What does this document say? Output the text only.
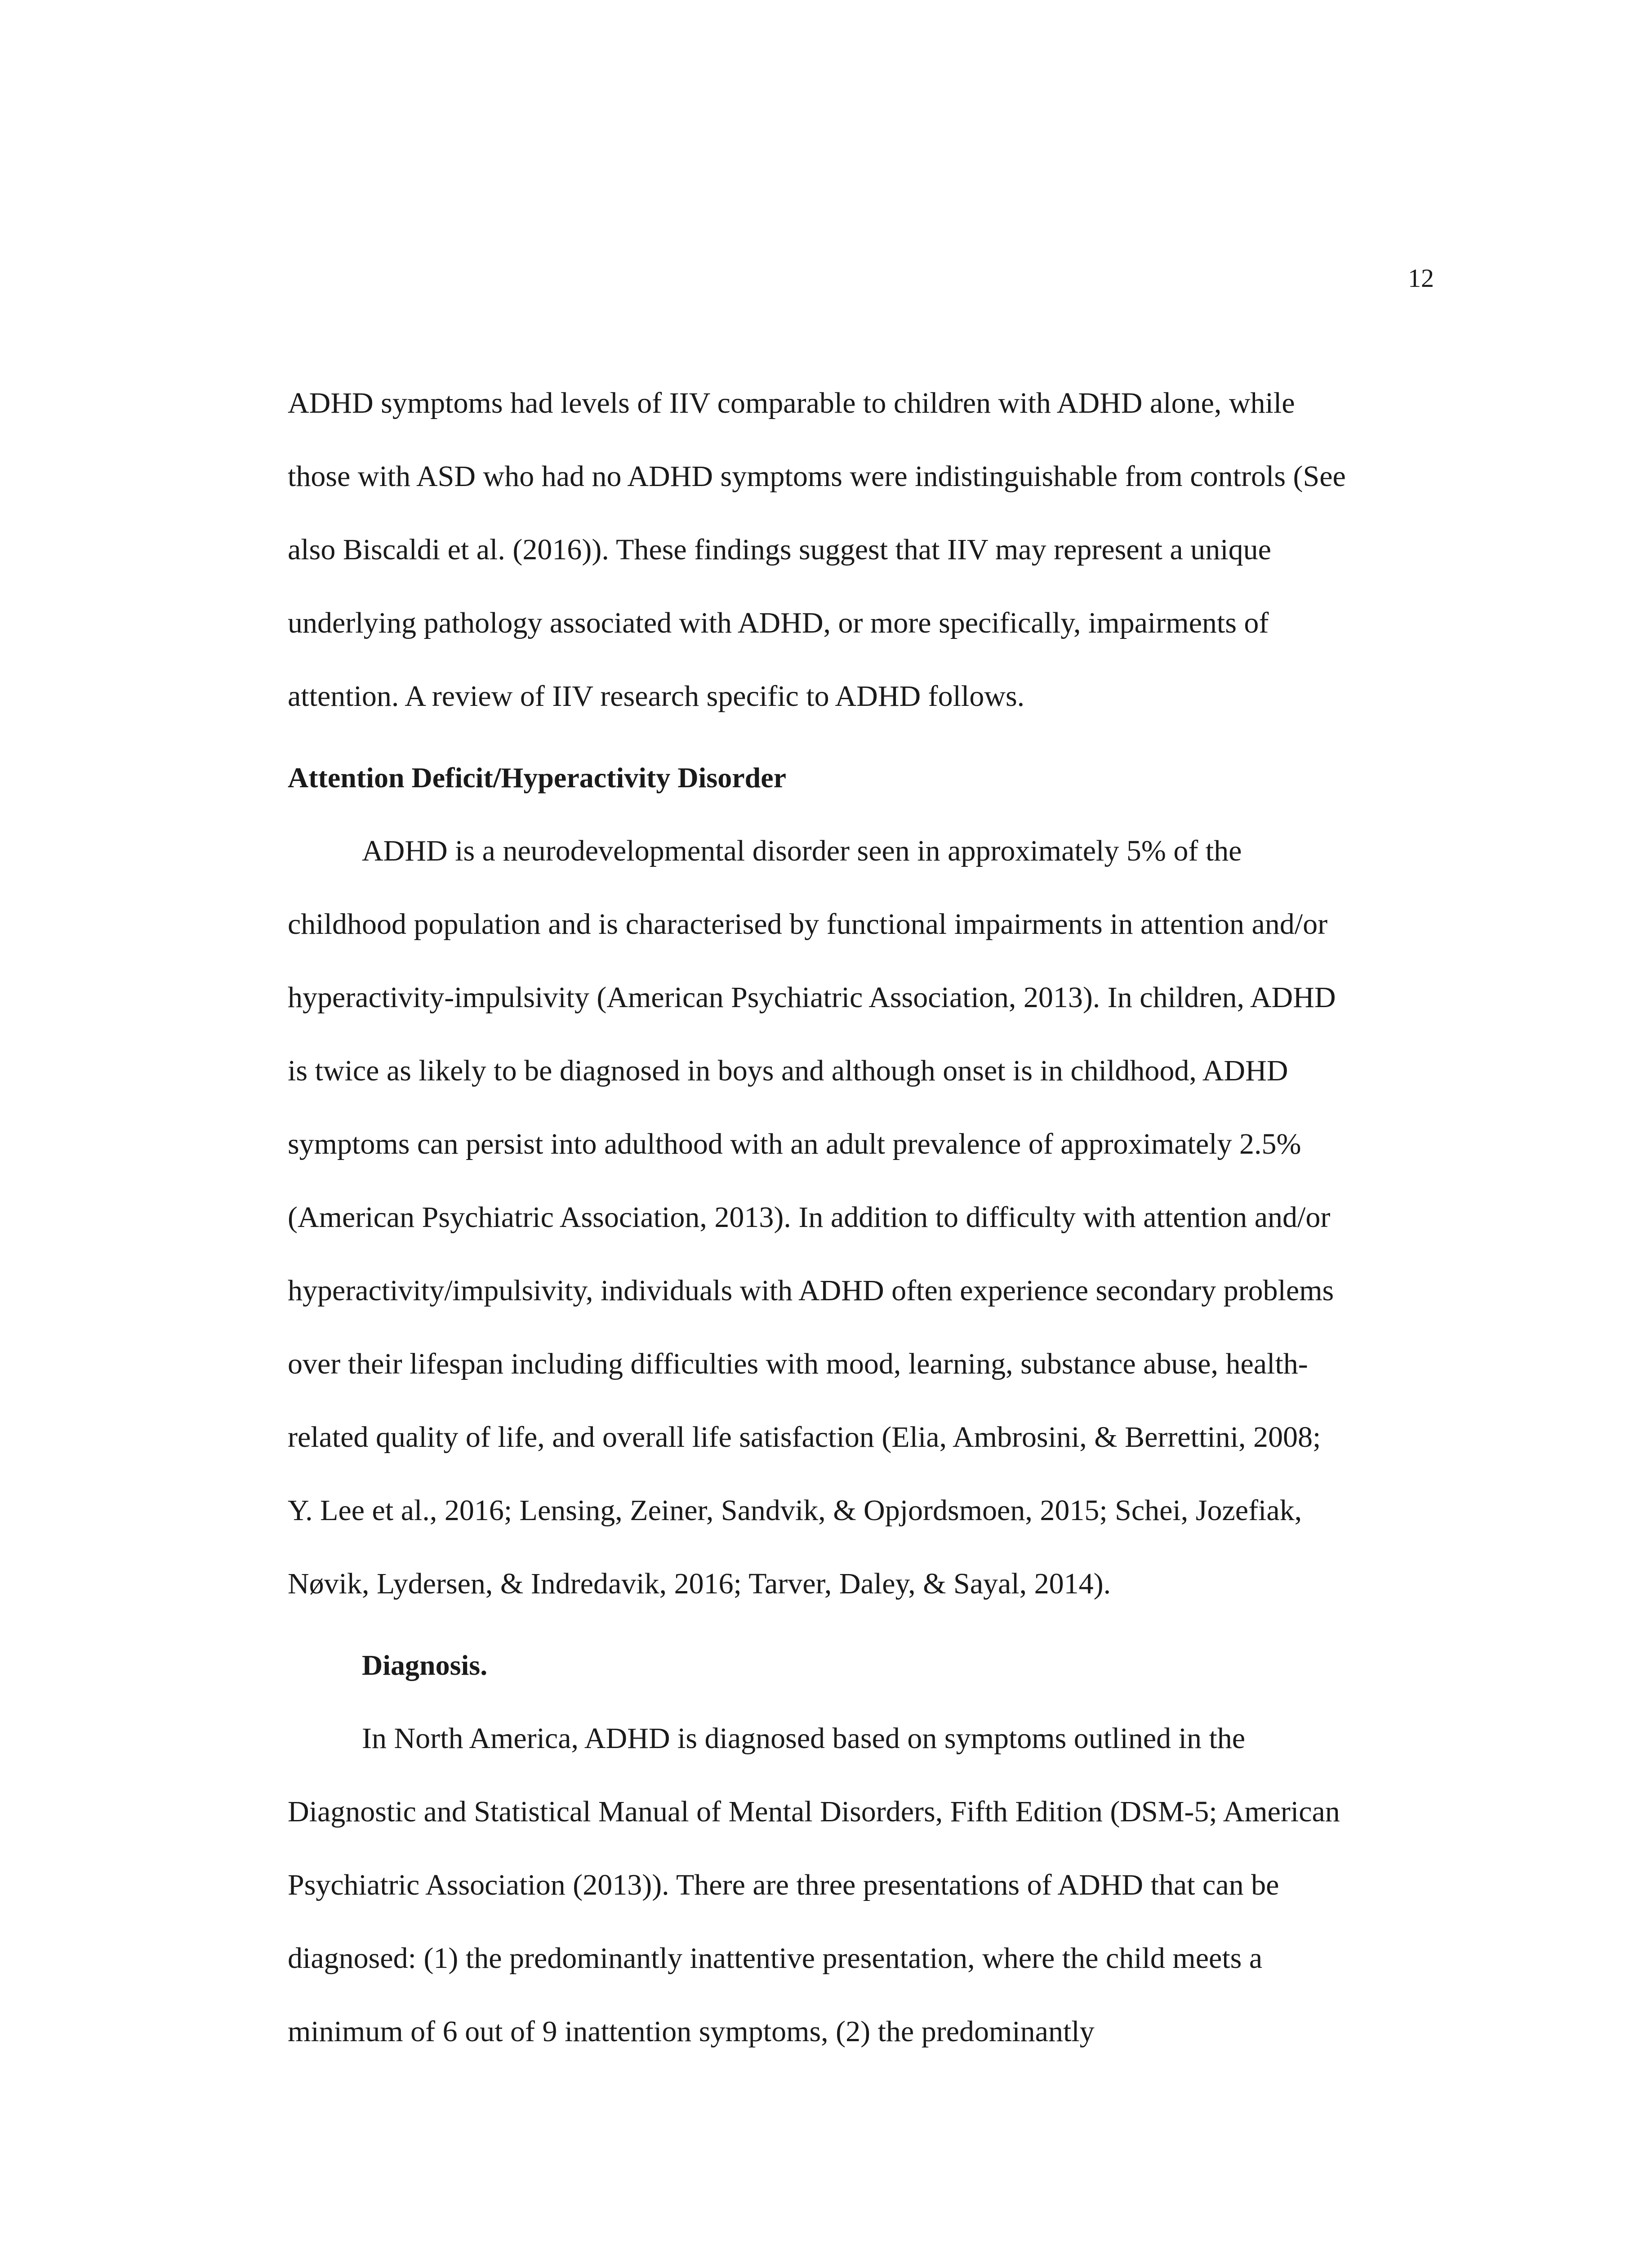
12

ADHD symptoms had levels of IIV comparable to children with ADHD alone, while
those with ASD who had no ADHD symptoms were indistinguishable from controls (See
also Biscaldi et al. (2016)). These findings suggest that IIV may represent a unique
underlying pathology associated with ADHD, or more specifically, impairments of
attention. A review of IIV research specific to ADHD follows.

Attention Deficit/Hyperactivity Disorder

ADHD is a neurodevelopmental disorder seen in approximately 5% of the
childhood population and is characterised by functional impairments in attention and/or
hyperactivity-impulsivity (American Psychiatric Association, 2013). In children, ADHD
is twice as likely to be diagnosed in boys and although onset is in childhood, ADHD
symptoms can persist into adulthood with an adult prevalence of approximately 2.5%
(American Psychiatric Association, 2013). In addition to difficulty with attention and/or
hyperactivity/impulsivity, individuals with ADHD often experience secondary problems
over their lifespan including difficulties with mood, learning, substance abuse, health-
related quality of life, and overall life satisfaction (Elia, Ambrosini, & Berrettini, 2008;
Y. Lee et al., 2016; Lensing, Zeiner, Sandvik, & Opjordsmoen, 2015; Schei, Jozefiak,
Nøvik, Lydersen, & Indredavik, 2016; Tarver, Daley, & Sayal, 2014).

Diagnosis.

In North America, ADHD is diagnosed based on symptoms outlined in the
Diagnostic and Statistical Manual of Mental Disorders, Fifth Edition (DSM-5; American
Psychiatric Association (2013)). There are three presentations of ADHD that can be
diagnosed: (1) the predominantly inattentive presentation, where the child meets a
minimum of 6 out of 9 inattention symptoms, (2) the predominantly
